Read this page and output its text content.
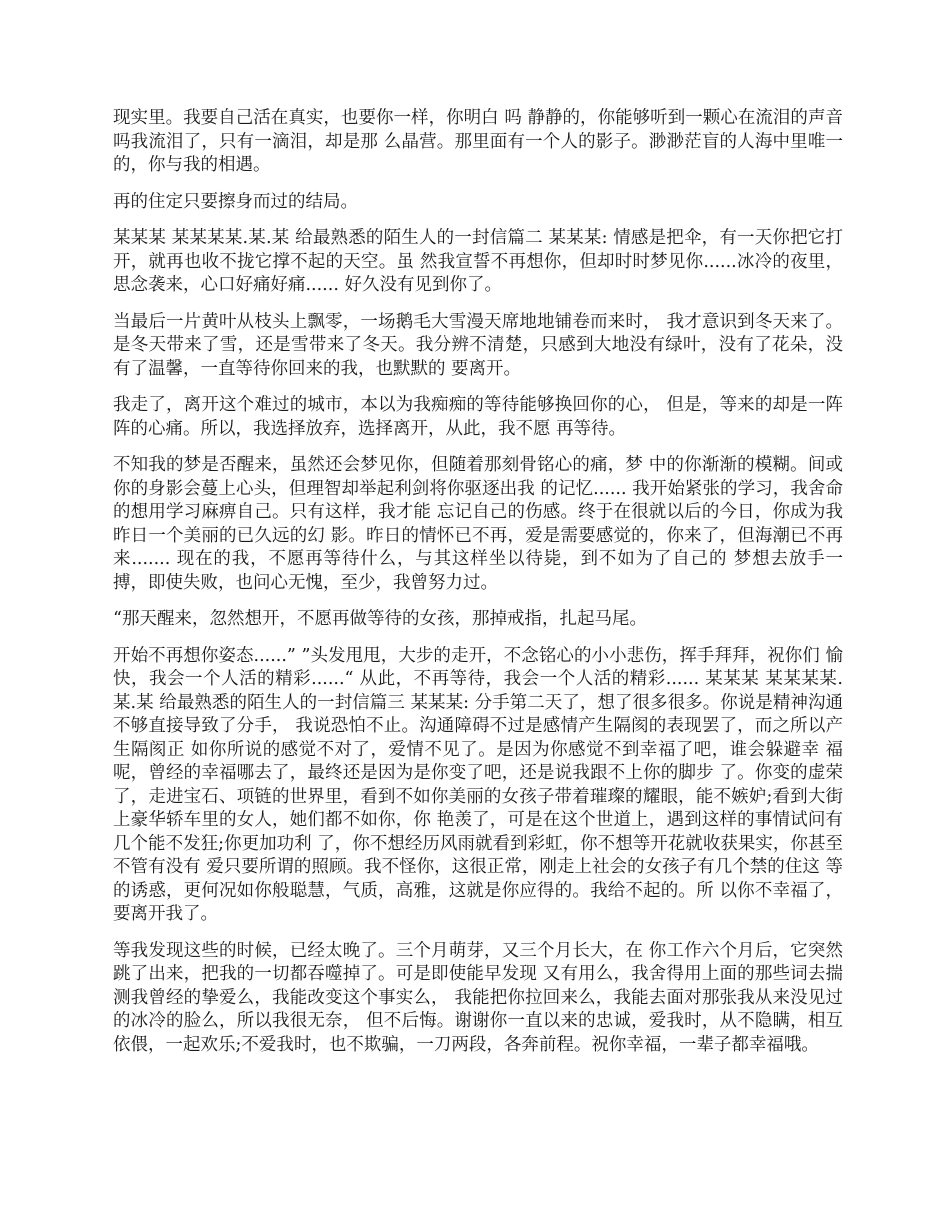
现实里。我要自己活在真实，也要你一样，你明白 吗 静静的，你能够听到一颗心在流泪的声音吗我流泪了，只有一滴泪，却是那 么晶营。那里面有一个人的影子。渺渺茫盲的人海中里唯一的，你与我的相遇。

再的住定只要擦身而过的结局。

某某某 某某某某.某.某 给最熟悉的陌生人的一封信篇二 某某某: 情感是把伞，有一天你把它打开，就再也收不拢它撑不起的天空。虽 然我宣誓不再想你，但却时时梦见你......冰冷的夜里，思念袭来，心口好痛好痛...... 好久没有见到你了。

当最后一片黄叶从枝头上飘零，一场鹅毛大雪漫天席地地铺卷而来时， 我才意识到冬天来了。是冬天带来了雪，还是雪带来了冬天。我分辨不清楚，只感到大地没有绿叶，没有了花朵，没有了温馨，一直等待你回来的我，也默默的 要离开。

我走了，离开这个难过的城市，本以为我痴痴的等待能够换回你的心， 但是，等来的却是一阵阵的心痛。所以，我选择放弃，选择离开，从此，我不愿 再等待。

不知我的梦是否醒来，虽然还会梦见你，但随着那刻骨铭心的痛，梦 中的你渐渐的模糊。间或你的身影会蔓上心头，但理智却举起利剑将你驱逐出我 的记忆...... 我开始紧张的学习，我舍命的想用学习麻痹自己。只有这样，我才能 忘记自己的伤感。终于在很就以后的今日，你成为我昨日一个美丽的已久远的幻 影。昨日的情怀已不再，爱是需要感觉的，你来了，但海潮已不再来....... 现在的我，不愿再等待什么，与其这样坐以待毙，到不如为了自己的 梦想去放手一搏，即使失败，也问心无愧，至少，我曾努力过。

“那天醒来，忽然想开，不愿再做等待的女孩，那掉戒指，扎起马尾。

开始不再想你姿态......” ”头发甩甩，大步的走开，不念铭心的小小悲伤，挥手拜拜，祝你们 愉快，我会一个人活的精彩......“ 从此，不再等待，我会一个人活的精彩...... 某某某 某某某某.某.某 给最熟悉的陌生人的一封信篇三 某某某: 分手第二天了，想了很多很多。你说是精神沟通不够直接导致了分手， 我说恐怕不止。沟通障碍不过是感情产生隔阂的表现罢了，而之所以产生隔阂正 如你所说的感觉不对了，爱情不见了。是因为你感觉不到幸福了吧，谁会躲避幸 福呢，曾经的幸福哪去了，最终还是因为是你变了吧，还是说我跟不上你的脚步 了。你变的虚荣了，走进宝石、项链的世界里，看到不如你美丽的女孩子带着璀璨的耀眼，能不嫉妒;看到大街上豪华轿车里的女人，她们都不如你，你 艳羡了，可是在这个世道上，遇到这样的事情试问有几个能不发狂;你更加功利 了，你不想经历风雨就看到彩虹，你不想等开花就收获果实，你甚至不管有没有 爱只要所谓的照顾。我不怪你，这很正常，刚走上社会的女孩子有几个禁的住这 等的诱惑，更何况如你般聪慧，气质，高雅，这就是你应得的。我给不起的。所 以你不幸福了，要离开我了。

等我发现这些的时候，已经太晚了。三个月萌芽，又三个月长大，在 你工作六个月后，它突然跳了出来，把我的一切都吞噬掉了。可是即使能早发现 又有用么，我舍得用上面的那些词去揣测我曾经的挚爱么，我能改变这个事实么， 我能把你拉回来么，我能去面对那张我从来没见过的冰冷的脸么，所以我很无奈， 但不后悔。谢谢你一直以来的忠诚，爱我时，从不隐瞒，相互依偎，一起欢乐;不爱我时，也不欺骗，一刀两段，各奔前程。祝你幸福，一辈子都幸福哦。
